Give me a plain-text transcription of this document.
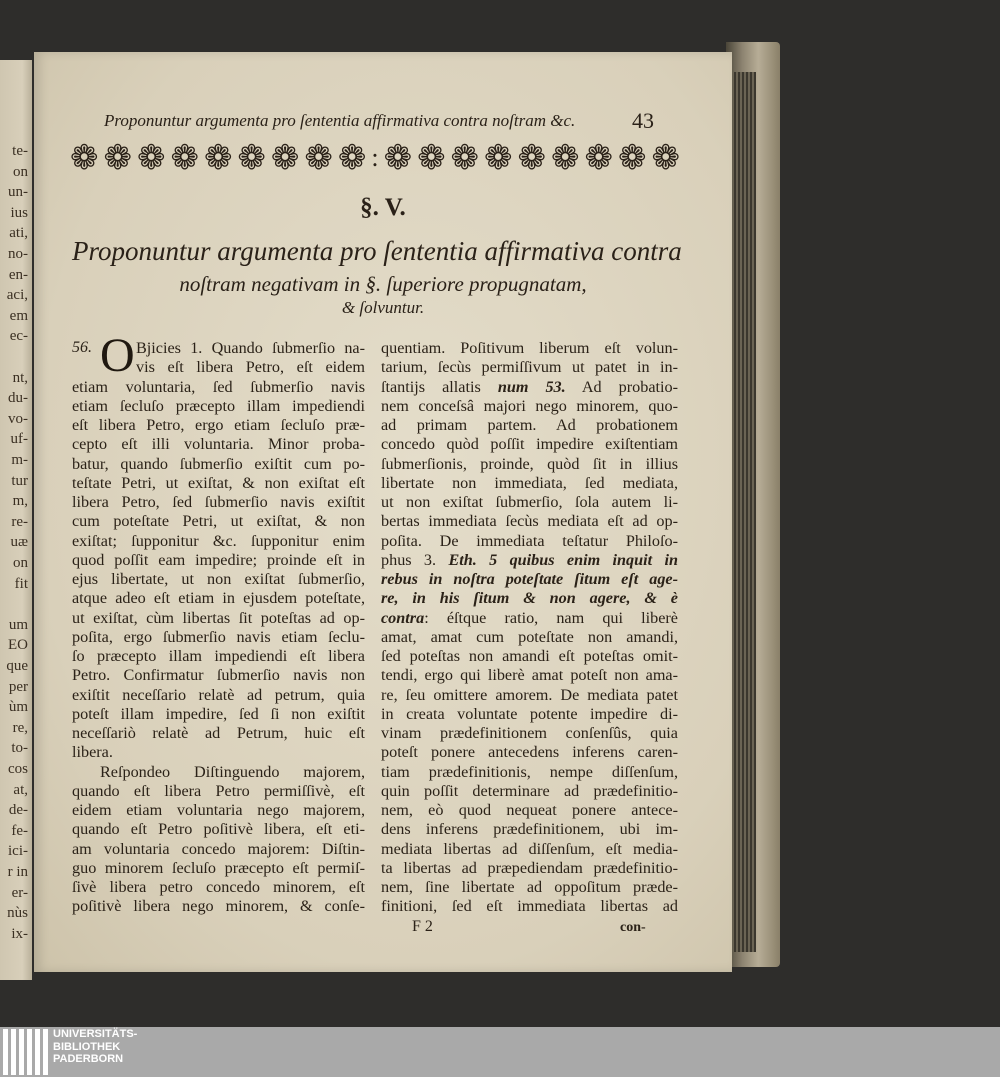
te-
on
un-
ius
ati,
no-
en-
aci,
em
ec-
nt,
du-
vo-
uf-
m-
tur
m,
re-
uæ
on
fit
um
EO
que
per
ùm
re,
to-
cos
at,
de-
fe-
ici-
r in
er-
nùs
ix-
Proponuntur argumenta pro ſententia affirmativa contra noſtram &c.	43
❁ ❁ ❁ ❁ ❁ ❁ ❁ ❁ ❁ : ❁ ❁ ❁ ❁ ❁ ❁ ❁ ❁ ❁
§. V.
Proponuntur argumenta pro ſententia affirmativa contra
noſtram negativam in §. ſuperiore propugnatam,
& ſolvuntur.
56. O Bjicies 1. Quando ſubmerſio na-
vis eſt libera Petro, eſt eidem
etiam voluntaria, ſed ſubmerſio navis
etiam ſecluſo præcepto illam impediendi
eſt libera Petro, ergo etiam ſecluſo præ-
cepto eſt illi voluntaria. Minor proba-
batur, quando ſubmerſio exiſtit cum po-
teſtate Petri, ut exiſtat, & non exiſtat eſt
libera Petro, ſed ſubmerſio navis exiſtit
cum poteſtate Petri, ut exiſtat, & non
exiſtat; ſupponitur &c. ſupponitur enim
quod poſſit eam impedire; proinde eſt in
ejus libertate, ut non exiſtat ſubmerſio,
atque adeo eſt etiam in ejusdem poteſtate,
ut exiſtat, cùm libertas ſit poteſtas ad op-
poſita, ergo ſubmerſio navis etiam ſeclu-
ſo præcepto illam impediendi eſt libera
Petro. Confirmatur ſubmerſio navis non
exiſtit neceſſario relatè ad petrum, quia
poteſt illam impedire, ſed ſi non exiſtit
neceſſariò relatè ad Petrum, huic eſt
libera.
Reſpondeo Diſtinguendo majorem,
quando eſt libera Petro permiſſivè, eſt
eidem etiam voluntaria nego majorem,
quando eſt Petro poſitivè libera, eſt eti-
am voluntaria concedo majorem: Diſtin-
guo minorem ſecluſo præcepto eſt permiſ-
ſivè libera petro concedo minorem, eſt
poſitivè libera nego minorem, & conſe-
quentiam. Poſitivum liberum eſt volun-
tarium, ſecùs permiſſivum ut patet in in-
ſtantijs allatis num 53. Ad probatio-
nem conceſsâ majori nego minorem, quo-
ad primam partem. Ad probationem
concedo quòd poſſit impedire exiſtentiam
ſubmerſionis, proinde, quòd ſit in illius
libertate non immediata, ſed mediata,
ut non exiſtat ſubmerſio, ſola autem li-
bertas immediata ſecùs mediata eſt ad op-
poſita. De immediata teſtatur Philoſo-
phus 3. Eth. 5 quibus enim inquit in
rebus in noſtra poteſtate ſitum eſt age-
re, in his ſitum & non agere, & è
contra: éſtque ratio, nam qui liberè
amat, amat cum poteſtate non amandi,
ſed poteſtas non amandi eſt poteſtas omit-
tendi, ergo qui liberè amat poteſt non ama-
re, ſeu omittere amorem. De mediata patet
in creata voluntate potente impedire di-
vinam prædefinitionem conſenſûs, quia
poteſt ponere antecedens inferens caren-
tiam prædefinitionis, nempe diſſenſum,
quin poſſit determinare ad prædefinitio-
nem, eò quod nequeat ponere antece-
dens inferens prædefinitionem, ubi im-
mediata libertas ad diſſenſum, eſt media-
ta libertas ad præpediendam prædefinitio-
nem, ſine libertate ad oppoſitum præde-
finitioni, ſed eſt immediata libertas ad
F 2	con-
UNIVERSITÄTS-
BIBLIOTHEK
PADERBORN
